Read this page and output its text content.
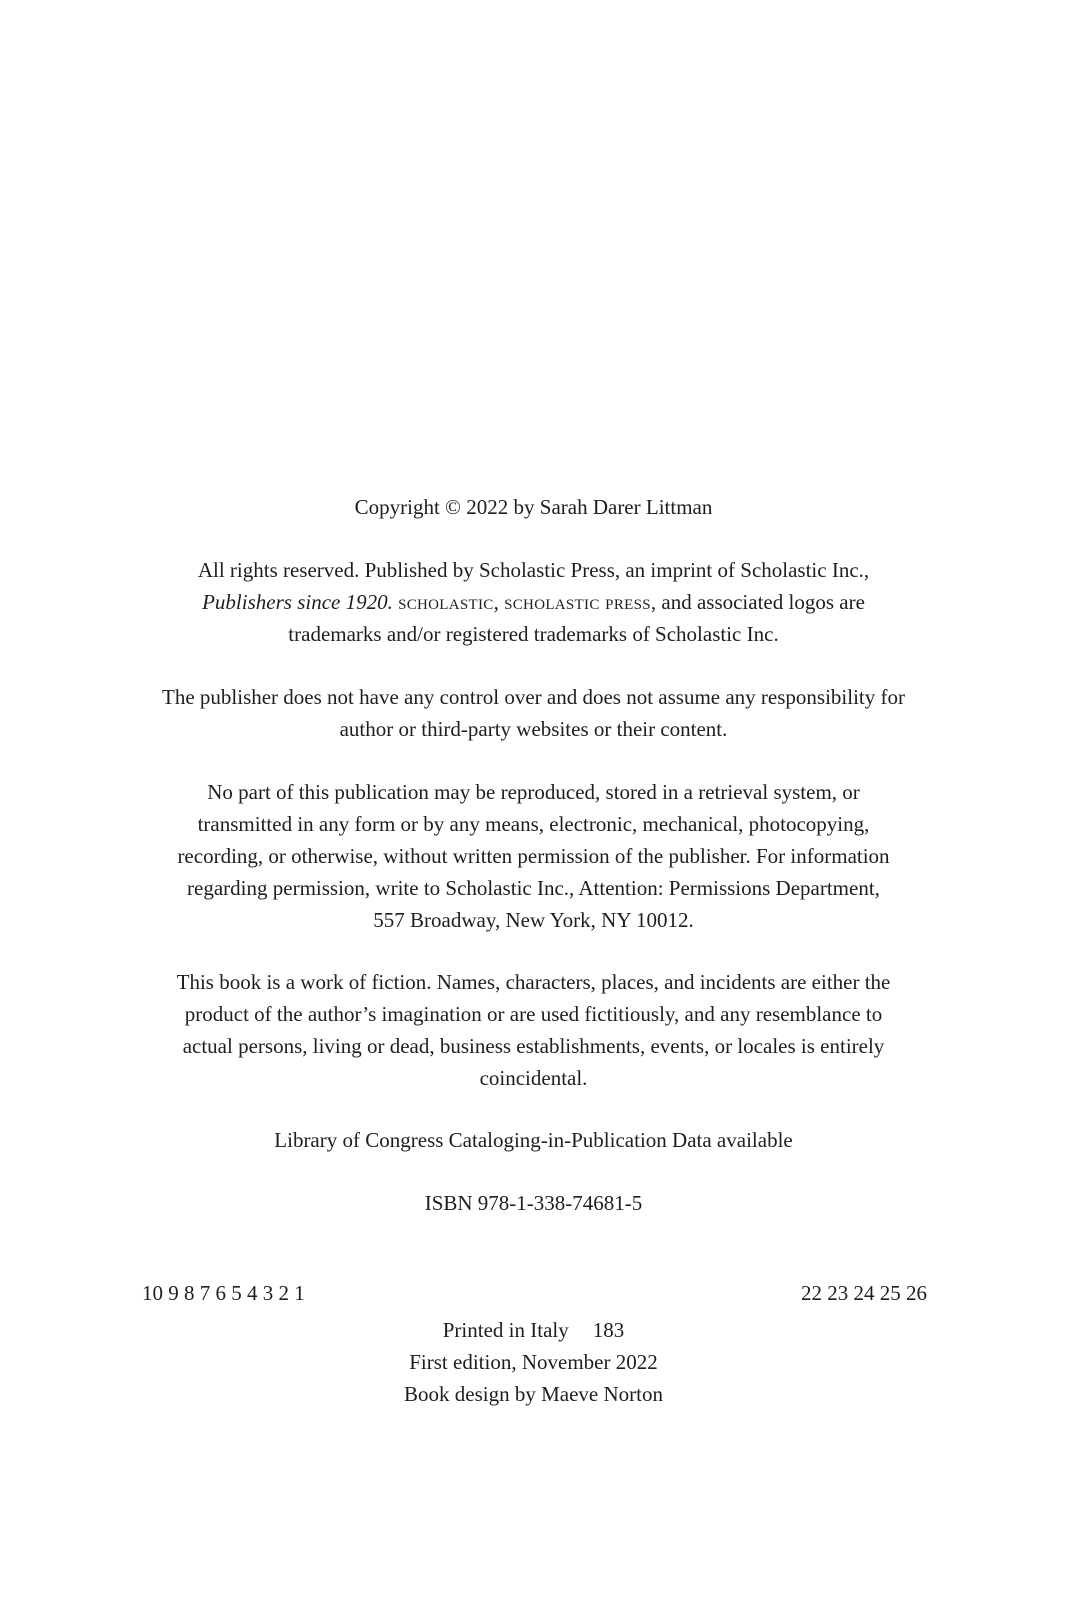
Copyright © 2022 by Sarah Darer Littman
All rights reserved. Published by Scholastic Press, an imprint of Scholastic Inc.,
Publishers since 1920. scholastic, scholastic press, and associated logos are
trademarks and/or registered trademarks of Scholastic Inc.
The publisher does not have any control over and does not assume any responsibility for
author or third-party websites or their content.
No part of this publication may be reproduced, stored in a retrieval system, or
transmitted in any form or by any means, electronic, mechanical, photocopying,
recording, or otherwise, without written permission of the publisher. For information
regarding permission, write to Scholastic Inc., Attention: Permissions Department,
557 Broadway, New York, NY 10012.
This book is a work of fiction. Names, characters, places, and incidents are either the
product of the author’s imagination or are used fictitiously, and any resemblance to
actual persons, living or dead, business establishments, events, or locales is entirely
coincidental.
Library of Congress Cataloging-in-Publication Data available
ISBN 978-1-338-74681-5
10 9 8 7 6 5 4 3 2 1	22 23 24 25 26
Printed in Italy 183
First edition, November 2022
Book design by Maeve Norton
